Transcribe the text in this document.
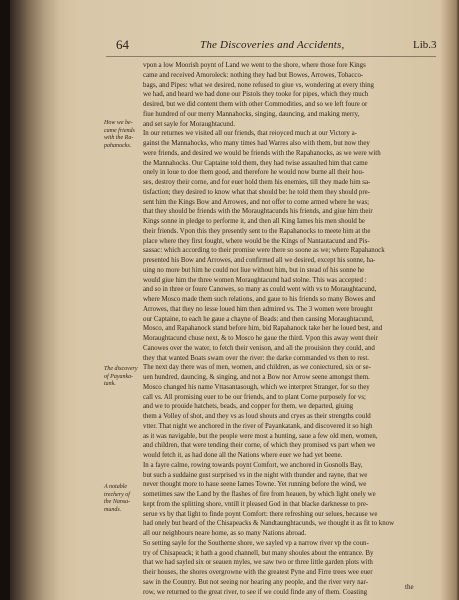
64	The Discoveries and Accidents,	Lib.3
vpon a low Moorish poynt of Land we went to the shore, where those fore Kings
came and received Amoroleck: nothing they had but Bowes, Arrowes, Tobacco-
bags, and Pipes: what we desired, none refused to giue vs, wondering at every thing
we had, and heard we had done our Pistols they tooke for pipes, which they much
desired, but we did content them with other Commodities, and so we left foure or
fiue hundred of our merry Mannahocks, singing, dauncing, and making merry,
and set sayle for Moraughtacund.
In our returnes we visited all our friends, that reioyced much at our Victory a-
gainst the Mannahocks, who many times had Warres also with them, but now they
were friends, and desired we would be friends with the Rapahanocks, as we were with
the Mannahocks. Our Captaine told them, they had twise assaulted him that came
onely in loue to doe them good, and therefore he would now burne all their hou-
ses, destroy their corne, and for euer hold them his enemies, till they made him sa-
tisfaction; they desired to know what that should be: he told them they should pre-
sent him the Kings Bow and Arrowes, and not offer to come armed where he was;
that they should be friends with the Moraughtacunds his friends, and giue him their
Kings sonne in pledge to performe it, and then all King Iames his men should be
their friends. Vpon this they presently sent to the Rapahanocks to meete him at the
place where they first fought, where would be the Kings of Nantautacund and Pis-
sassac: which according to their promise were there so soone as we; where Rapahanock
presented his Bow and Arrowes, and confirmed all we desired, except his sonne, ha-
uing no more but him he could not liue without him, but in stead of his sonne he
would giue him the three women Moraughtacund had stolne. This was accepted :
and so in three or foure Canowes, so many as could went with vs to Moraughtacund,
where Mosco made them such relations, and gaue to his friends so many Bowes and
Arrowes, that they no lesse loued him then admired vs. The 3 women were brought
our Captaine, to each he gaue a chayne of Beads: and then causing Moraughtacund,
Mosco, and Rapahanock stand before him, bid Rapahanock take her he loued best, and
Moraughtacund chuse next, & to Mosco he gaue the third. Vpon this away went their
Canowes over the water, to fetch their venison, and all the prouision they could, and
they that wanted Boats swam over the river: the darke commanded vs then to rest.
The next day there was of men, women, and children, as we coniectured, six or se-
uen hundred, dauncing, & singing, and not a Bow nor Arrow seene amongst them.
Mosco changed his name Vttasantasough, which we interpret Stranger, for so they
call vs. All promising euer to be our friends, and to plant Corne purposely for vs;
and we to prouide hatchets, beads, and copper for them, we departed, giuing
them a Volley of shot, and they vs as loud shouts and cryes as their strengths could
vtter. That night we anchored in the river of Payankatank, and discovered it so high
as it was navigable, but the people were most a hunting, saue a few old men, women,
and children, that were tending their corne, of which they promised vs part when we
would fetch it, as had done all the Nations where euer we had yet beene.
In a fayre calme, rowing towards poynt Comfort, we anchored in Gosnolls Bay,
but such a suddaine gust surprised vs in the night with thunder and rayne, that we
never thought more to haue seene Iames Towne. Yet running before the wind, we
sometimes saw the Land by the flashes of fire from heauen, by which light onely we
kept from the splitting shore, vntill it pleased God in that blacke darknesse to pre-
serue vs by that light to finde poynt Comfort: there refreshing our selues, because we
had onely but heard of the Chisapeacks & Nandtaunghtacunds, we thought it as fit to know
all our neighbours neare home, as so many Nations abroad.
So setting sayle for the Southerne shore, we sayled vp a narrow river vp the coun-
try of Chisapeack; it hath a good channell, but many shoules about the entrance. By
that we had sayled six or seauen myles, we saw two or three little garden plots with
their houses, the shores overgrowne with the greatest Pyne and Firre trees wee euer
saw in the Country. But not seeing nor hearing any people, and the river very nar-
row, we returned to the great river, to see if we could finde any of them. Coasting
How we be-
came friends
with the Ra-
pahanocks.
The discovery
of Payanka-
tank.
A notable
trechery of
the Nansa-
munds.
the
